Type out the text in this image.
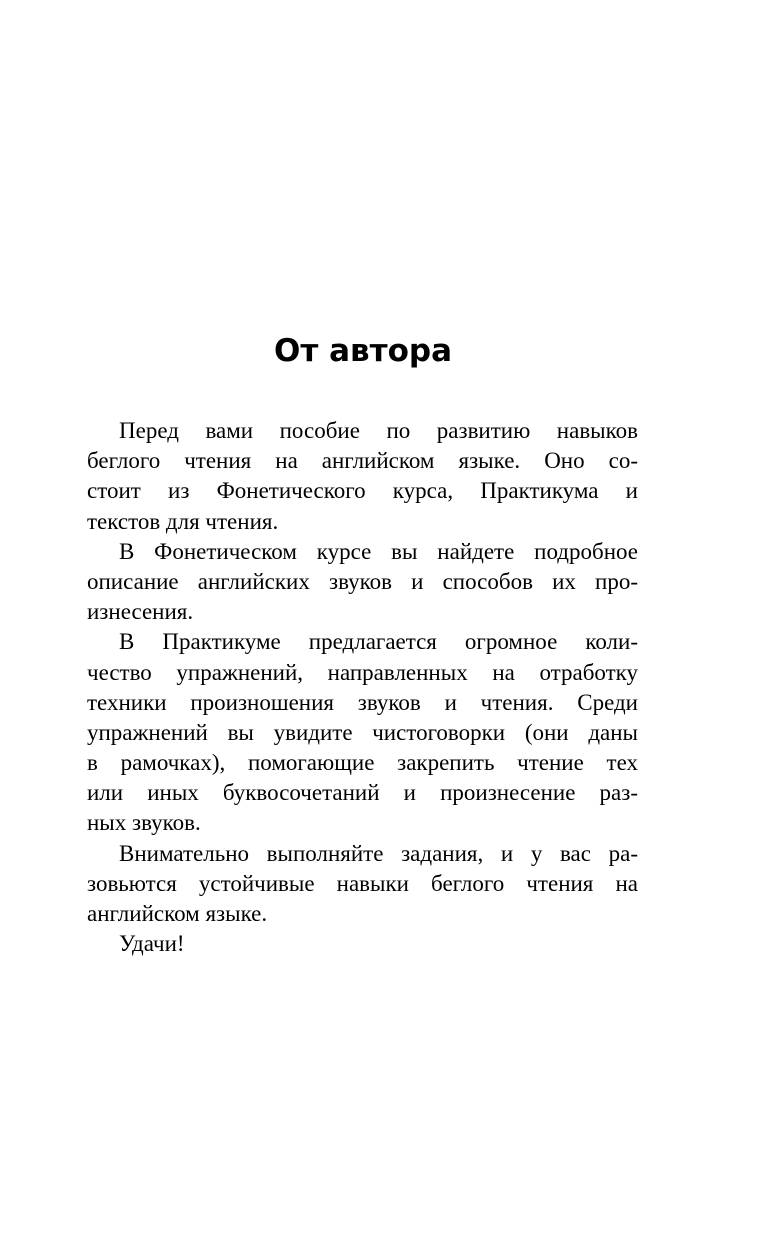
От автора
Перед вами пособие по развитию навыков
беглого чтения на английском языке. Оно со-
стоит из Фонетического курса, Практикума и
текстов для чтения.
В Фонетическом курсе вы найдете подробное
описание английских звуков и способов их про-
изнесения.
В Практикуме предлагается огромное коли-
чество упражнений, направленных на отработку
техники произношения звуков и чтения. Среди
упражнений вы увидите чистоговорки (они даны
в рамочках), помогающие закрепить чтение тех
или иных буквосочетаний и произнесение раз-
ных звуков.
Внимательно выполняйте задания, и у вас ра-
зовьются устойчивые навыки беглого чтения на
английском языке.
Удачи!
